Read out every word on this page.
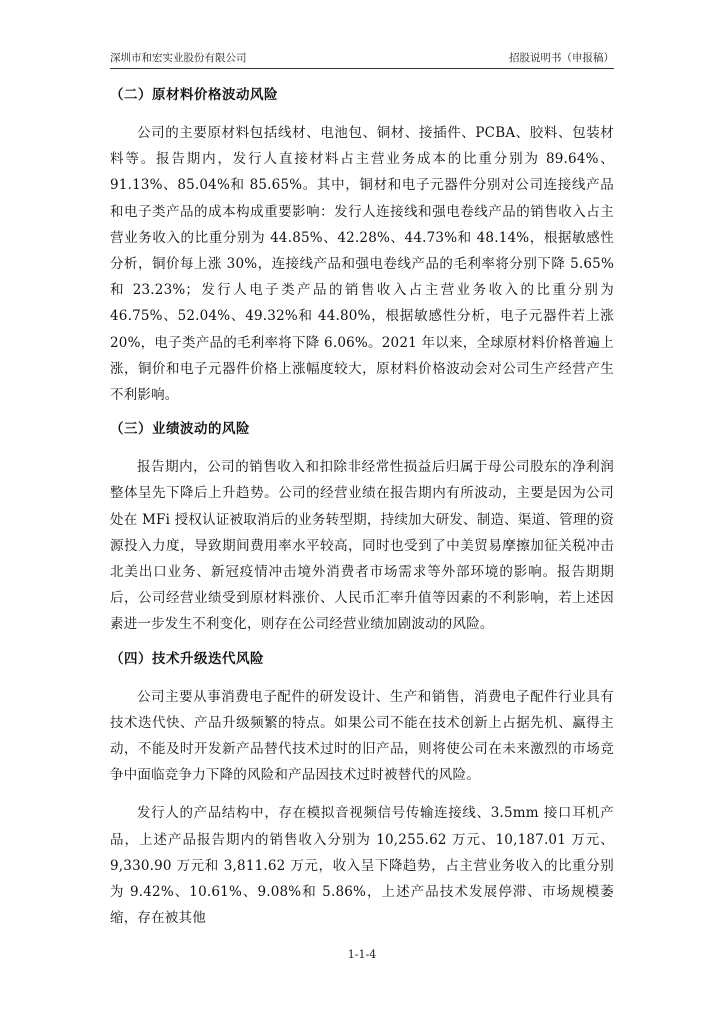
深圳市和宏实业股份有限公司	招股说明书（申报稿）
（二）原材料价格波动风险

公司的主要原材料包括线材、电池包、铜材、接插件、PCBA、胶料、包装材料等。报告期内，发行人直接材料占主营业务成本的比重分别为 89.64%、91.13%、85.04%和 85.65%。其中，铜材和电子元器件分别对公司连接线产品和电子类产品的成本构成重要影响：发行人连接线和强电卷线产品的销售收入占主营业务收入的比重分别为 44.85%、42.28%、44.73%和 48.14%，根据敏感性分析，铜价每上涨 30%，连接线产品和强电卷线产品的毛利率将分别下降 5.65%和 23.23%；发行人电子类产品的销售收入占主营业务收入的比重分别为 46.75%、52.04%、49.32%和 44.80%，根据敏感性分析，电子元器件若上涨 20%，电子类产品的毛利率将下降 6.06%。2021 年以来，全球原材料价格普遍上涨，铜价和电子元器件价格上涨幅度较大，原材料价格波动会对公司生产经营产生不利影响。

（三）业绩波动的风险

报告期内，公司的销售收入和扣除非经常性损益后归属于母公司股东的净利润整体呈先下降后上升趋势。公司的经营业绩在报告期内有所波动，主要是因为公司处在 MFi 授权认证被取消后的业务转型期，持续加大研发、制造、渠道、管理的资源投入力度，导致期间费用率水平较高，同时也受到了中美贸易摩擦加征关税冲击北美出口业务、新冠疫情冲击境外消费者市场需求等外部环境的影响。报告期期后，公司经营业绩受到原材料涨价、人民币汇率升值等因素的不利影响，若上述因素进一步发生不利变化，则存在公司经营业绩加剧波动的风险。

（四）技术升级迭代风险

公司主要从事消费电子配件的研发设计、生产和销售，消费电子配件行业具有技术迭代快、产品升级频繁的特点。如果公司不能在技术创新上占据先机、赢得主动，不能及时开发新产品替代技术过时的旧产品，则将使公司在未来激烈的市场竞争中面临竞争力下降的风险和产品因技术过时被替代的风险。

发行人的产品结构中，存在模拟音视频信号传输连接线、3.5mm 接口耳机产品，上述产品报告期内的销售收入分别为 10,255.62 万元、10,187.01 万元、9,330.90 万元和 3,811.62 万元，收入呈下降趋势，占主营业务收入的比重分别为 9.42%、10.61%、9.08%和 5.86%，上述产品技术发展停滞、市场规模萎缩，存在被其他

1-1-4
